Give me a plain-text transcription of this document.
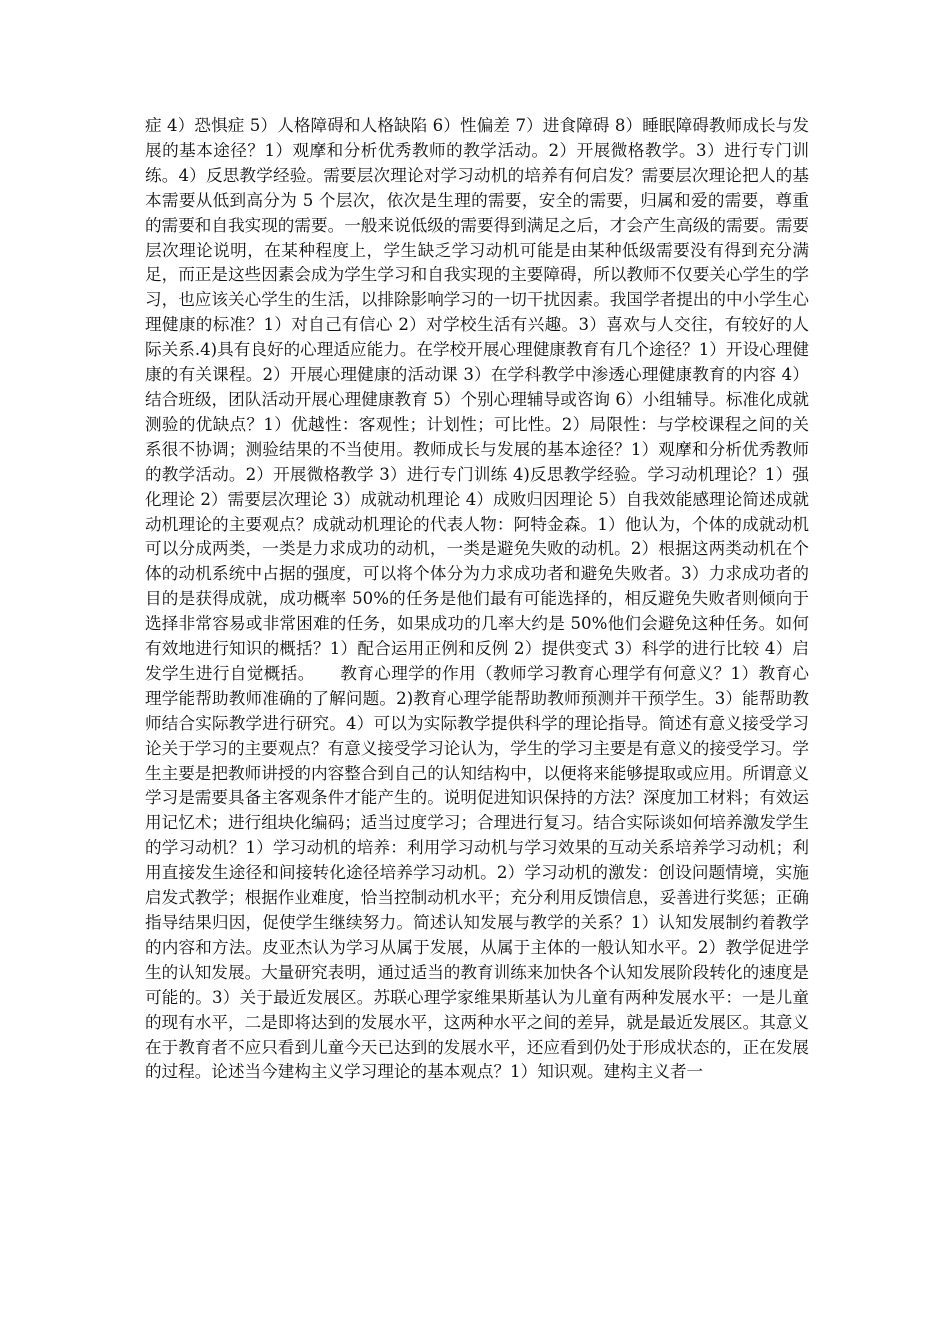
症 4）恐惧症 5）人格障碍和人格缺陷 6）性偏差 7）进食障碍 8）睡眠障碍教师成长与发展的基本途径？1）观摩和分析优秀教师的教学活动。2）开展微格教学。3）进行专门训练。4）反思教学经验。需要层次理论对学习动机的培养有何启发？需要层次理论把人的基本需要从低到高分为 5 个层次，依次是生理的需要，安全的需要，归属和爱的需要，尊重的需要和自我实现的需要。一般来说低级的需要得到满足之后，才会产生高级的需要。需要层次理论说明，在某种程度上，学生缺乏学习动机可能是由某种低级需要没有得到充分满足，而正是这些因素会成为学生学习和自我实现的主要障碍，所以教师不仅要关心学生的学习，也应该关心学生的生活，以排除影响学习的一切干扰因素。我国学者提出的中小学生心理健康的标准？1）对自己有信心 2）对学校生活有兴趣。3）喜欢与人交往，有较好的人际关系.4)具有良好的心理适应能力。在学校开展心理健康教育有几个途径？1）开设心理健康的有关课程。2）开展心理健康的活动课 3）在学科教学中渗透心理健康教育的内容 4）结合班级，团队活动开展心理健康教育 5）个别心理辅导或咨询 6）小组辅导。标准化成就测验的优缺点？1）优越性：客观性；计划性；可比性。2）局限性：与学校课程之间的关系很不协调；测验结果的不当使用。教师成长与发展的基本途径？1）观摩和分析优秀教师的教学活动。2）开展微格教学 3）进行专门训练 4)反思教学经验。学习动机理论？1）强化理论 2）需要层次理论 3）成就动机理论 4）成败归因理论 5）自我效能感理论简述成就动机理论的主要观点？成就动机理论的代表人物：阿特金森。1）他认为，个体的成就动机可以分成两类，一类是力求成功的动机，一类是避免失败的动机。2）根据这两类动机在个体的动机系统中占据的强度，可以将个体分为力求成功者和避免失败者。3）力求成功者的目的是获得成就，成功概率 50%的任务是他们最有可能选择的，相反避免失败者则倾向于选择非常容易或非常困难的任务，如果成功的几率大约是 50%他们会避免这种任务。如何有效地进行知识的概括？1）配合运用正例和反例 2）提供变式 3）科学的进行比较 4）启发学生进行自觉概括。　　教育心理学的作用（教师学习教育心理学有何意义？1）教育心理学能帮助教师准确的了解问题。2)教育心理学能帮助教师预测并干预学生。3）能帮助教师结合实际教学进行研究。4）可以为实际教学提供科学的理论指导。简述有意义接受学习论关于学习的主要观点？有意义接受学习论认为，学生的学习主要是有意义的接受学习。学生主要是把教师讲授的内容整合到自己的认知结构中，以便将来能够提取或应用。所谓意义学习是需要具备主客观条件才能产生的。说明促进知识保持的方法？深度加工材料；有效运用记忆术；进行组块化编码；适当过度学习；合理进行复习。结合实际谈如何培养激发学生的学习动机？1）学习动机的培养：利用学习动机与学习效果的互动关系培养学习动机；利用直接发生途径和间接转化途径培养学习动机。2）学习动机的激发：创设问题情境，实施启发式教学；根据作业难度，恰当控制动机水平；充分利用反馈信息，妥善进行奖惩；正确指导结果归因，促使学生继续努力。简述认知发展与教学的关系？1）认知发展制约着教学的内容和方法。皮亚杰认为学习从属于发展，从属于主体的一般认知水平。2）教学促进学生的认知发展。大量研究表明，通过适当的教育训练来加快各个认知发展阶段转化的速度是可能的。3）关于最近发展区。苏联心理学家维果斯基认为儿童有两种发展水平：一是儿童的现有水平，二是即将达到的发展水平，这两种水平之间的差异，就是最近发展区。其意义在于教育者不应只看到儿童今天已达到的发展水平，还应看到仍处于形成状态的，正在发展的过程。论述当今建构主义学习理论的基本观点？1）知识观。建构主义者一
